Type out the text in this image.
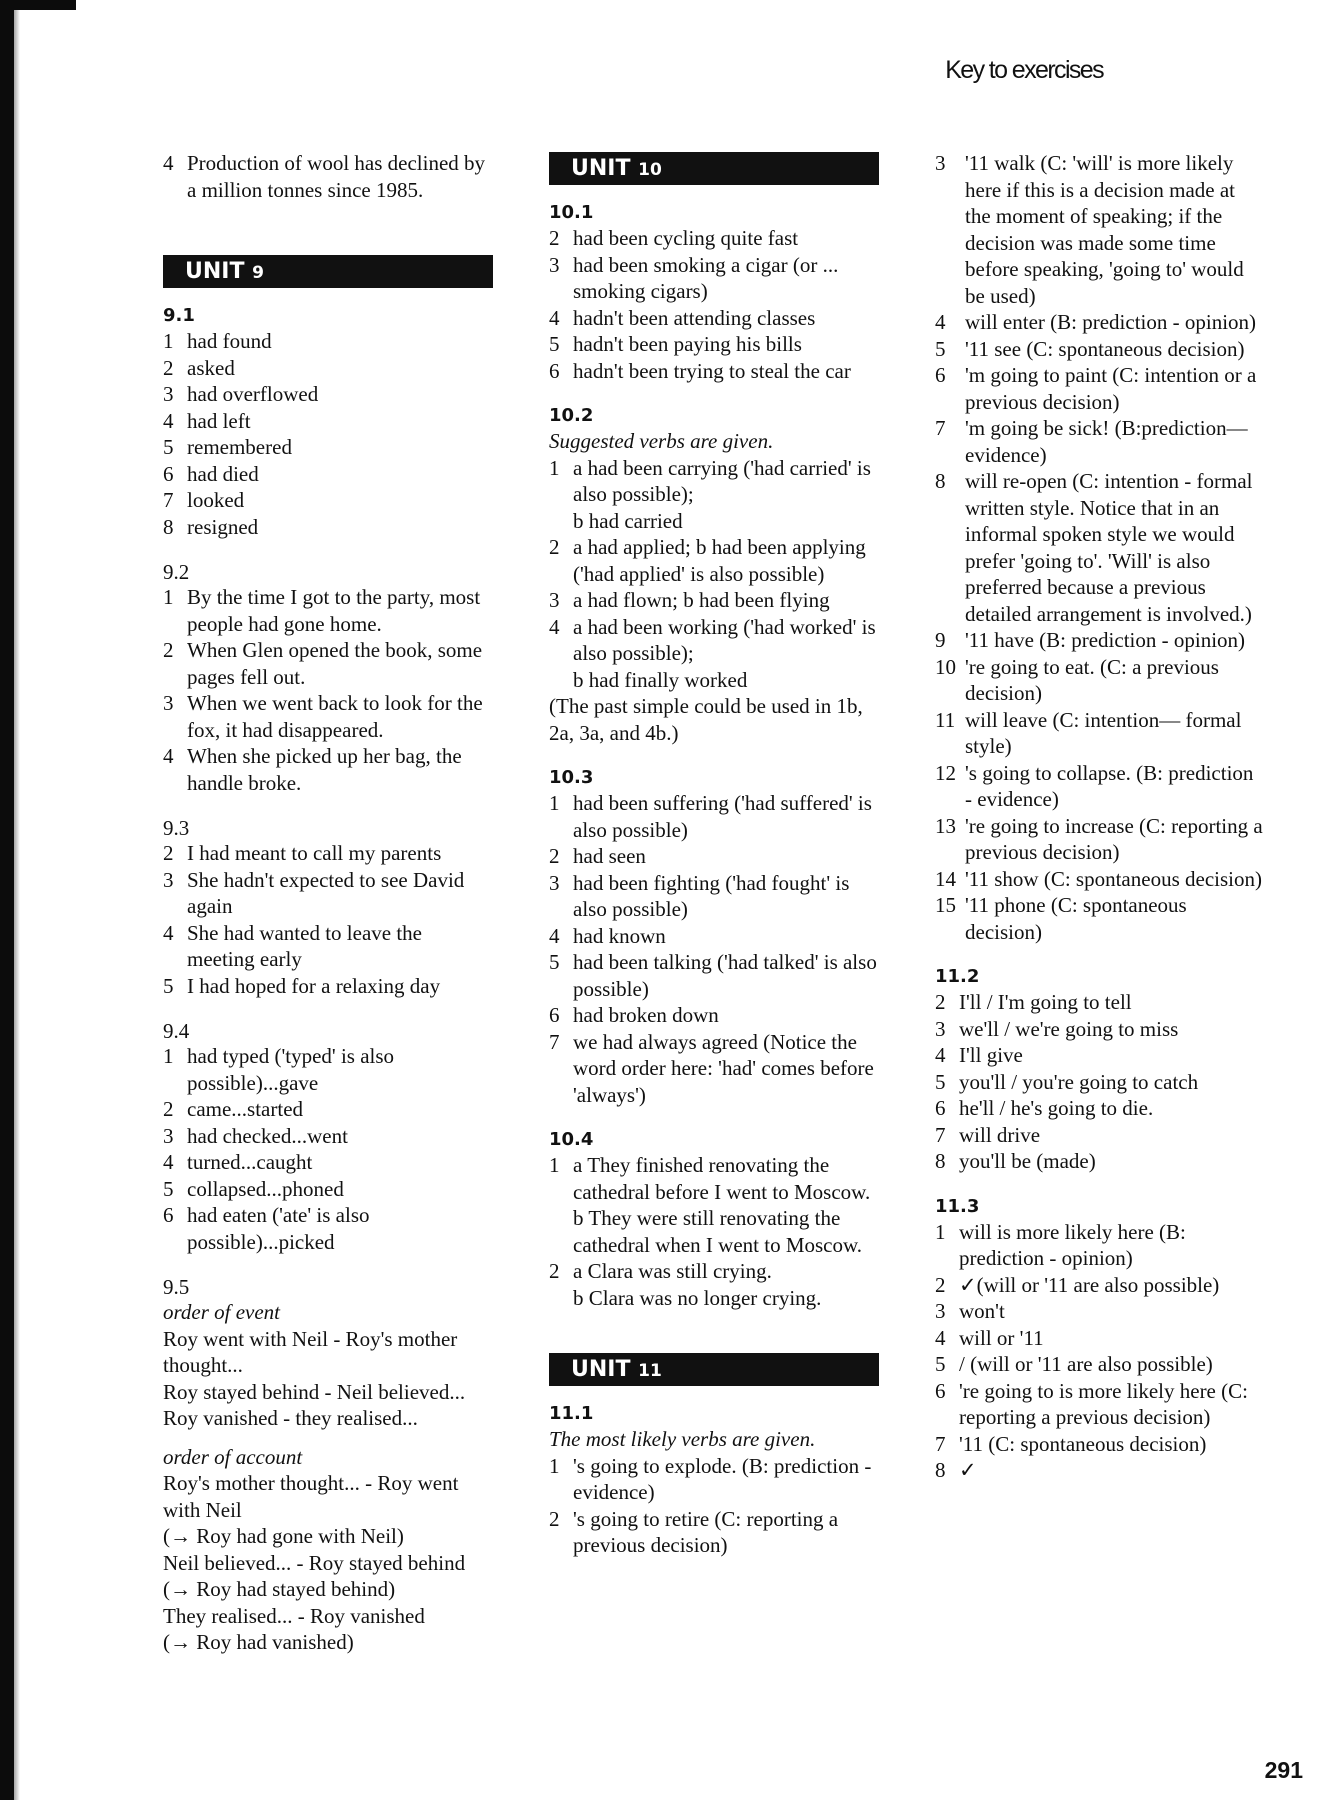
Key to exercises
4 Production of wool has declined by a million tonnes since 1985.
UNIT 9
9.1
1 had found
2 asked
3 had overflowed
4 had left
5 remembered
6 had died
7 looked
8 resigned
9.2
1 By the time I got to the party, most people had gone home.
2 When Glen opened the book, some pages fell out.
3 When we went back to look for the fox, it had disappeared.
4 When she picked up her bag, the handle broke.
9.3
2 I had meant to call my parents
3 She hadn't expected to see David again
4 She had wanted to leave the meeting early
5 I had hoped for a relaxing day
9.4
1 had typed ('typed' is also possible)...gave
2 came...started
3 had checked...went
4 turned...caught
5 collapsed...phoned
6 had eaten ('ate' is also possible)...picked
9.5
order of event
Roy went with Neil - Roy's mother thought...
Roy stayed behind - Neil believed...
Roy vanished - they realised...
order of account
Roy's mother thought... - Roy went with Neil
(→ Roy had gone with Neil)
Neil believed... - Roy stayed behind
(→ Roy had stayed behind)
They realised... - Roy vanished
(→ Roy had vanished)
UNIT 10
10.1
2 had been cycling quite fast
3 had been smoking a cigar (or ... smoking cigars)
4 hadn't been attending classes
5 hadn't been paying his bills
6 hadn't been trying to steal the car
10.2
Suggested verbs are given.
1 a had been carrying ('had carried' is also possible);
b had carried
2 a had applied; b had been applying ('had applied' is also possible)
3 a had flown; b had been flying
4 a had been working ('had worked' is also possible);
b had finally worked
(The past simple could be used in 1b, 2a, 3a, and 4b.)
10.3
1 had been suffering ('had suffered' is also possible)
2 had seen
3 had been fighting ('had fought' is also possible)
4 had known
5 had been talking ('had talked' is also possible)
6 had broken down
7 we had always agreed (Notice the word order here: 'had' comes before 'always')
10.4
1 a They finished renovating the cathedral before I went to Moscow. b They were still renovating the cathedral when I went to Moscow.
2 a Clara was still crying.
b Clara was no longer crying.
UNIT 11
11.1
The most likely verbs are given.
1 's going to explode. (B: prediction - evidence)
2 's going to retire (C: reporting a previous decision)
3 '11 walk (C: 'will' is more likely here if this is a decision made at the moment of speaking; if the decision was made some time before speaking, 'going to' would be used)
4 will enter (B: prediction - opinion)
5 '11 see (C: spontaneous decision)
6 'm going to paint (C: intention or a previous decision)
7 'm going be sick! (B:prediction—evidence)
8 will re-open (C: intention - formal written style. Notice that in an informal spoken style we would prefer 'going to'. 'Will' is also preferred because a previous detailed arrangement is involved.)
9 '11 have (B: prediction - opinion)
10 're going to eat. (C: a previous decision)
11 will leave (C: intention— formal style)
12 's going to collapse. (B: prediction - evidence)
13 're going to increase (C: reporting a previous decision)
14 '11 show (C: spontaneous decision)
15 '11 phone (C: spontaneous decision)
11.2
2 I'll / I'm going to tell
3 we'll / we're going to miss
4 I'll give
5 you'll / you're going to catch
6 he'll / he's going to die.
7 will drive
8 you'll be (made)
11.3
1 will is more likely here (B: prediction - opinion)
2 ✓(will or '11 are also possible)
3 won't
4 will or '11
5 / (will or '11 are also possible)
6 're going to is more likely here (C: reporting a previous decision)
7 '11 (C: spontaneous decision)
8 ✓
291
